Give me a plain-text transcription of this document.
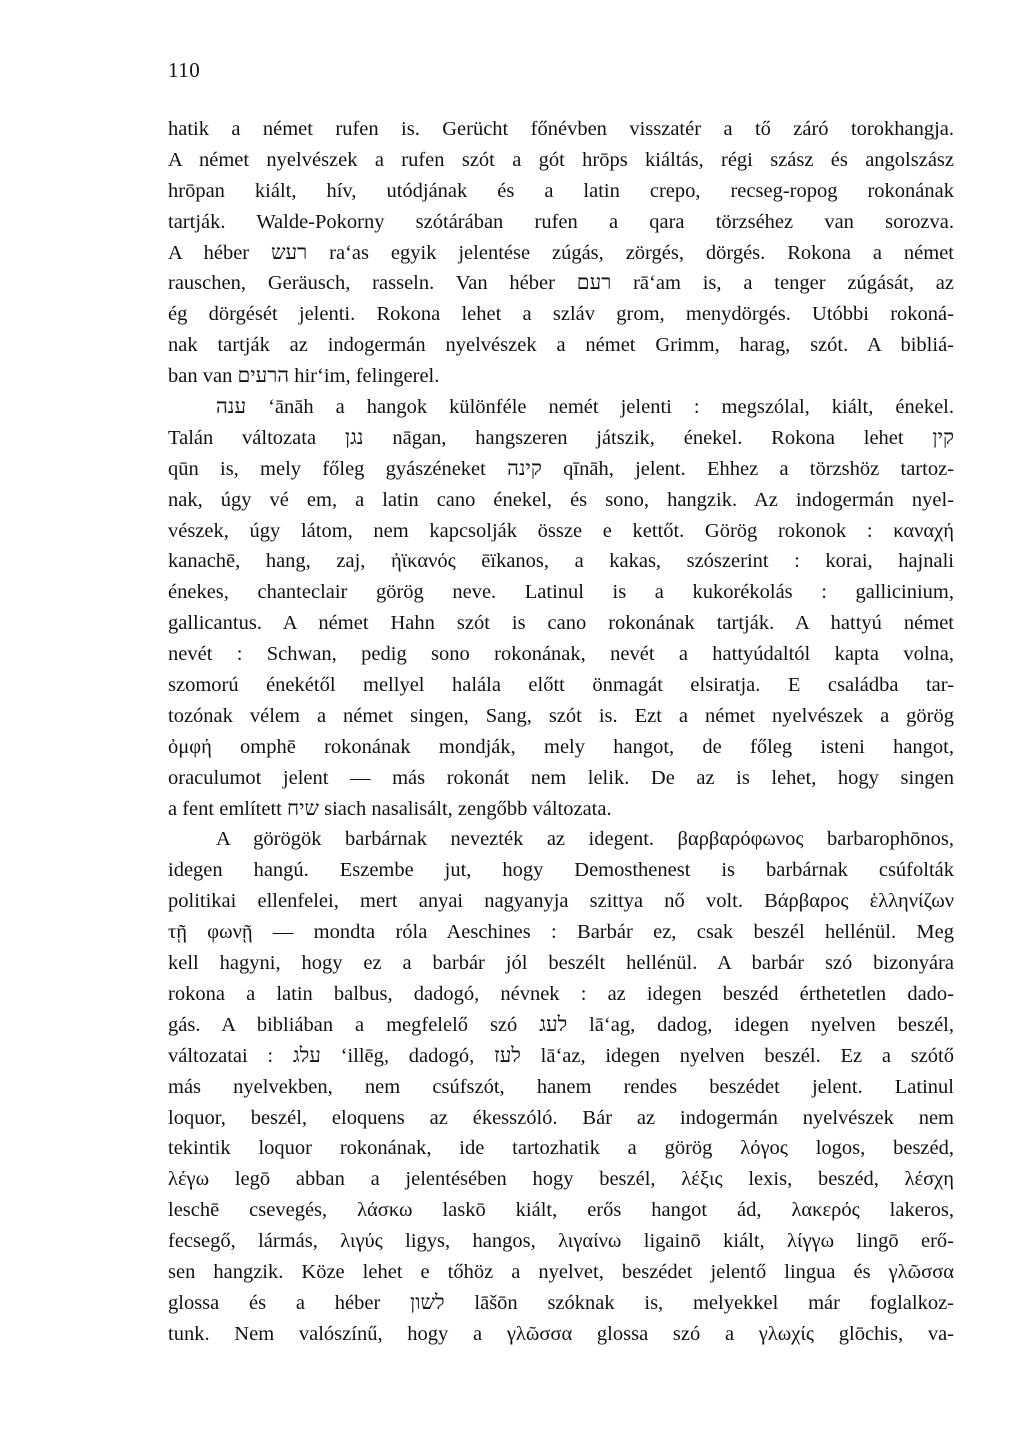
110
hatik a német rufen is. Gerücht főnévben visszatér a tő záró torokhangja.
A német nyelvészek a rufen szót a gót hrōps kiáltás, régi szász és angolszász
hrōpan kiált, hív, utódjának és a latin crepo, recseg-ropog rokonának
tartják. Walde-Pokorny szótárában rufen a qara törzséhez van sorozva.
A héber רעש ra‘as egyik jelentése zúgás, zörgés, dörgés. Rokona a német
rauschen, Geräusch, rasseln. Van héber רעם rā‘am is, a tenger zúgását, az
ég dörgését jelenti. Rokona lehet a szláv grom, menydörgés. Utóbbi rokoná-
nak tartják az indogermán nyelvészek a német Grimm, harag, szót. A bibliá-
ban van הרעים hir‘im, felingerel.
ענה ‘ānāh a hangok különféle nemét jelenti : megszólal, kiált, énekel.
Talán változata נגן nāgan, hangszeren játszik, énekel. Rokona lehet קין
qūn is, mely főleg gyászéneket קינה qīnāh, jelent. Ehhez a törzshöz tartoz-
nak, úgy vé em, a latin cano énekel, és sono, hangzik. Az indogermán nyel-
vészek, úgy látom, nem kapcsolják össze e kettőt. Görög rokonok : καναχή
kanachē, hang, zaj, ἠϊκανός ēïkanos, a kakas, szószerint : korai, hajnali
énekes, chanteclair görög neve. Latinul is a kukorékolás : gallicinium,
gallicantus. A német Hahn szót is cano rokonának tartják. A hattyú német
nevét : Schwan, pedig sono rokonának, nevét a hattyúdaltól kapta volna,
szomorú énekétől mellyel halála előtt önmagát elsiratja. E családba tar-
tozónak vélem a német singen, Sang, szót is. Ezt a német nyelvészek a görög
ὀμφή omphē rokonának mondják, mely hangot, de főleg isteni hangot,
oraculumot jelent — más rokonát nem lelik. De az is lehet, hogy singen
a fent említett שיח siach nasalisált, zengőbb változata.
A görögök barbárnak nevezték az idegent. βαρβαρόφωνος barbarophōnos,
idegen hangú. Eszembe jut, hogy Demosthenest is barbárnak csúfolták
politikai ellenfelei, mert anyai nagyanyja szittya nő volt. Βάρβαρος ἑλληνίζων
τῇ φωνῇ — mondta róla Aeschines : Barbár ez, csak beszél hellénül. Meg
kell hagyni, hogy ez a barbár jól beszélt hellénül. A barbár szó bizonyára
rokona a latin balbus, dadogó, névnek : az idegen beszéd érthetetlen dado-
gás. A bibliában a megfelelő szó לעג lā‘ag, dadog, idegen nyelven beszél,
változatai : עלג ‘illēg, dadogó, לעז lā‘az, idegen nyelven beszél. Ez a szótő
más nyelvekben, nem csúfszót, hanem rendes beszédet jelent. Latinul
loquor, beszél, eloquens az ékesszóló. Bár az indogermán nyelvészek nem
tekintik loquor rokonának, ide tartozhatik a görög λόγος logos, beszéd,
λέγω legō abban a jelentésében hogy beszél, λέξις lexis, beszéd, λέσχη
leschē csevegés, λάσκω laskō kiált, erős hangot ád, λακερός lakeros,
fecsegő, lármás, λιγύς ligys, hangos, λιγαίνω ligainō kiált, λίγγω lingō erő-
sen hangzik. Köze lehet e tőhöz a nyelvet, beszédet jelentő lingua és γλῶσσα
glossa és a héber לשון lāšōn szóknak is, melyekkel már foglalkoz-
tunk. Nem valószínű, hogy a γλῶσσα glossa szó a γλωχίς glōchis, va-
